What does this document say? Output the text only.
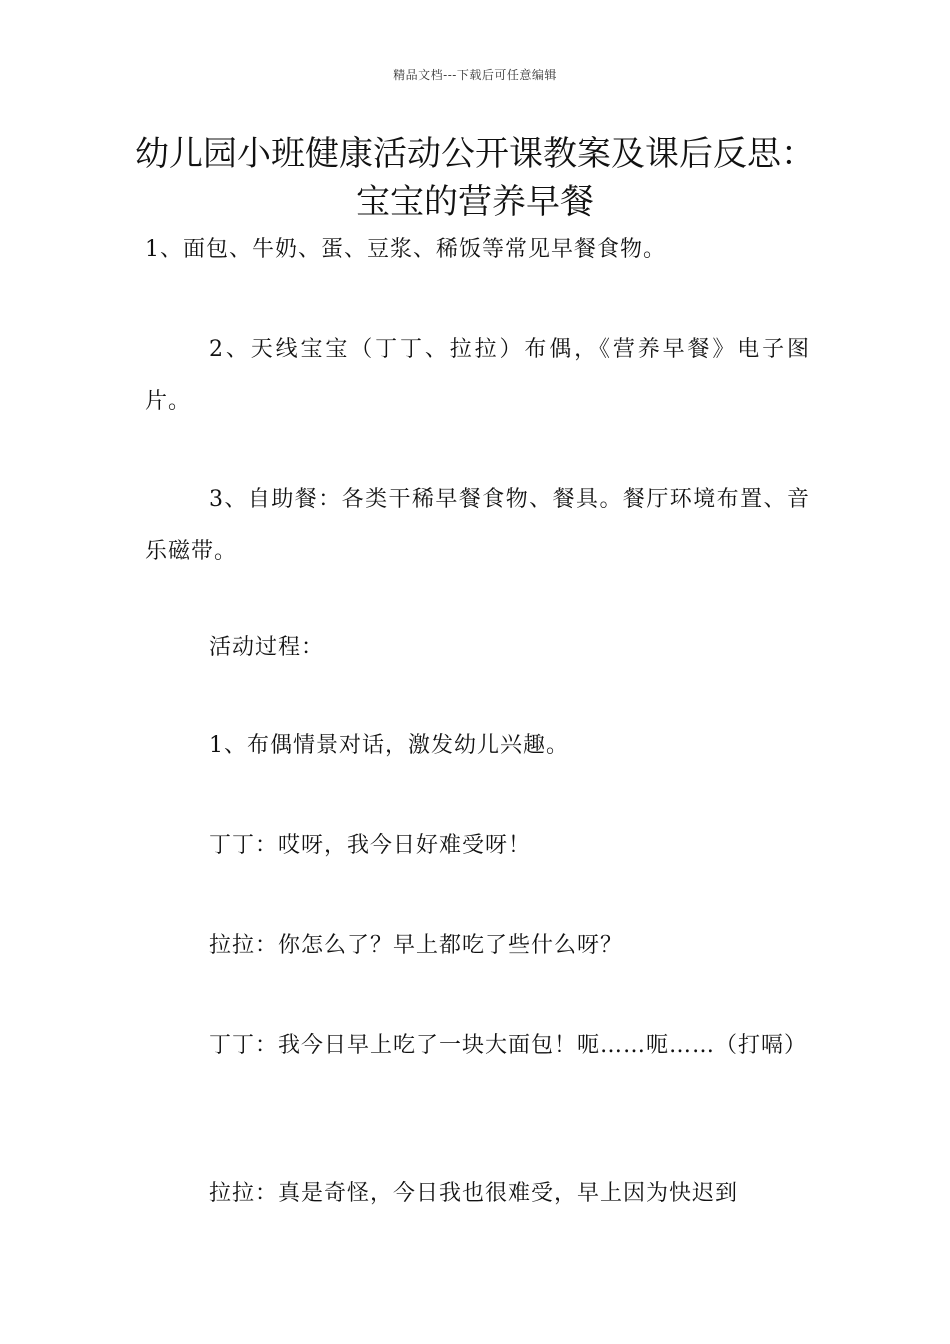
精品文档---下载后可任意编辑
幼儿园小班健康活动公开课教案及课后反思：宝宝的营养早餐

1、面包、牛奶、蛋、豆浆、稀饭等常见早餐食物。

2、天线宝宝（丁丁、拉拉）布偶，《营养早餐》电子图片。

3、自助餐：各类干稀早餐食物、餐具。餐厅环境布置、音乐磁带。

活动过程：

1、布偶情景对话，激发幼儿兴趣。

丁丁：哎呀，我今日好难受呀！

拉拉：你怎么了？早上都吃了些什么呀？

丁丁：我今日早上吃了一块大面包！呃……呃……（打嗝）

拉拉：真是奇怪，今日我也很难受，早上因为快迟到
